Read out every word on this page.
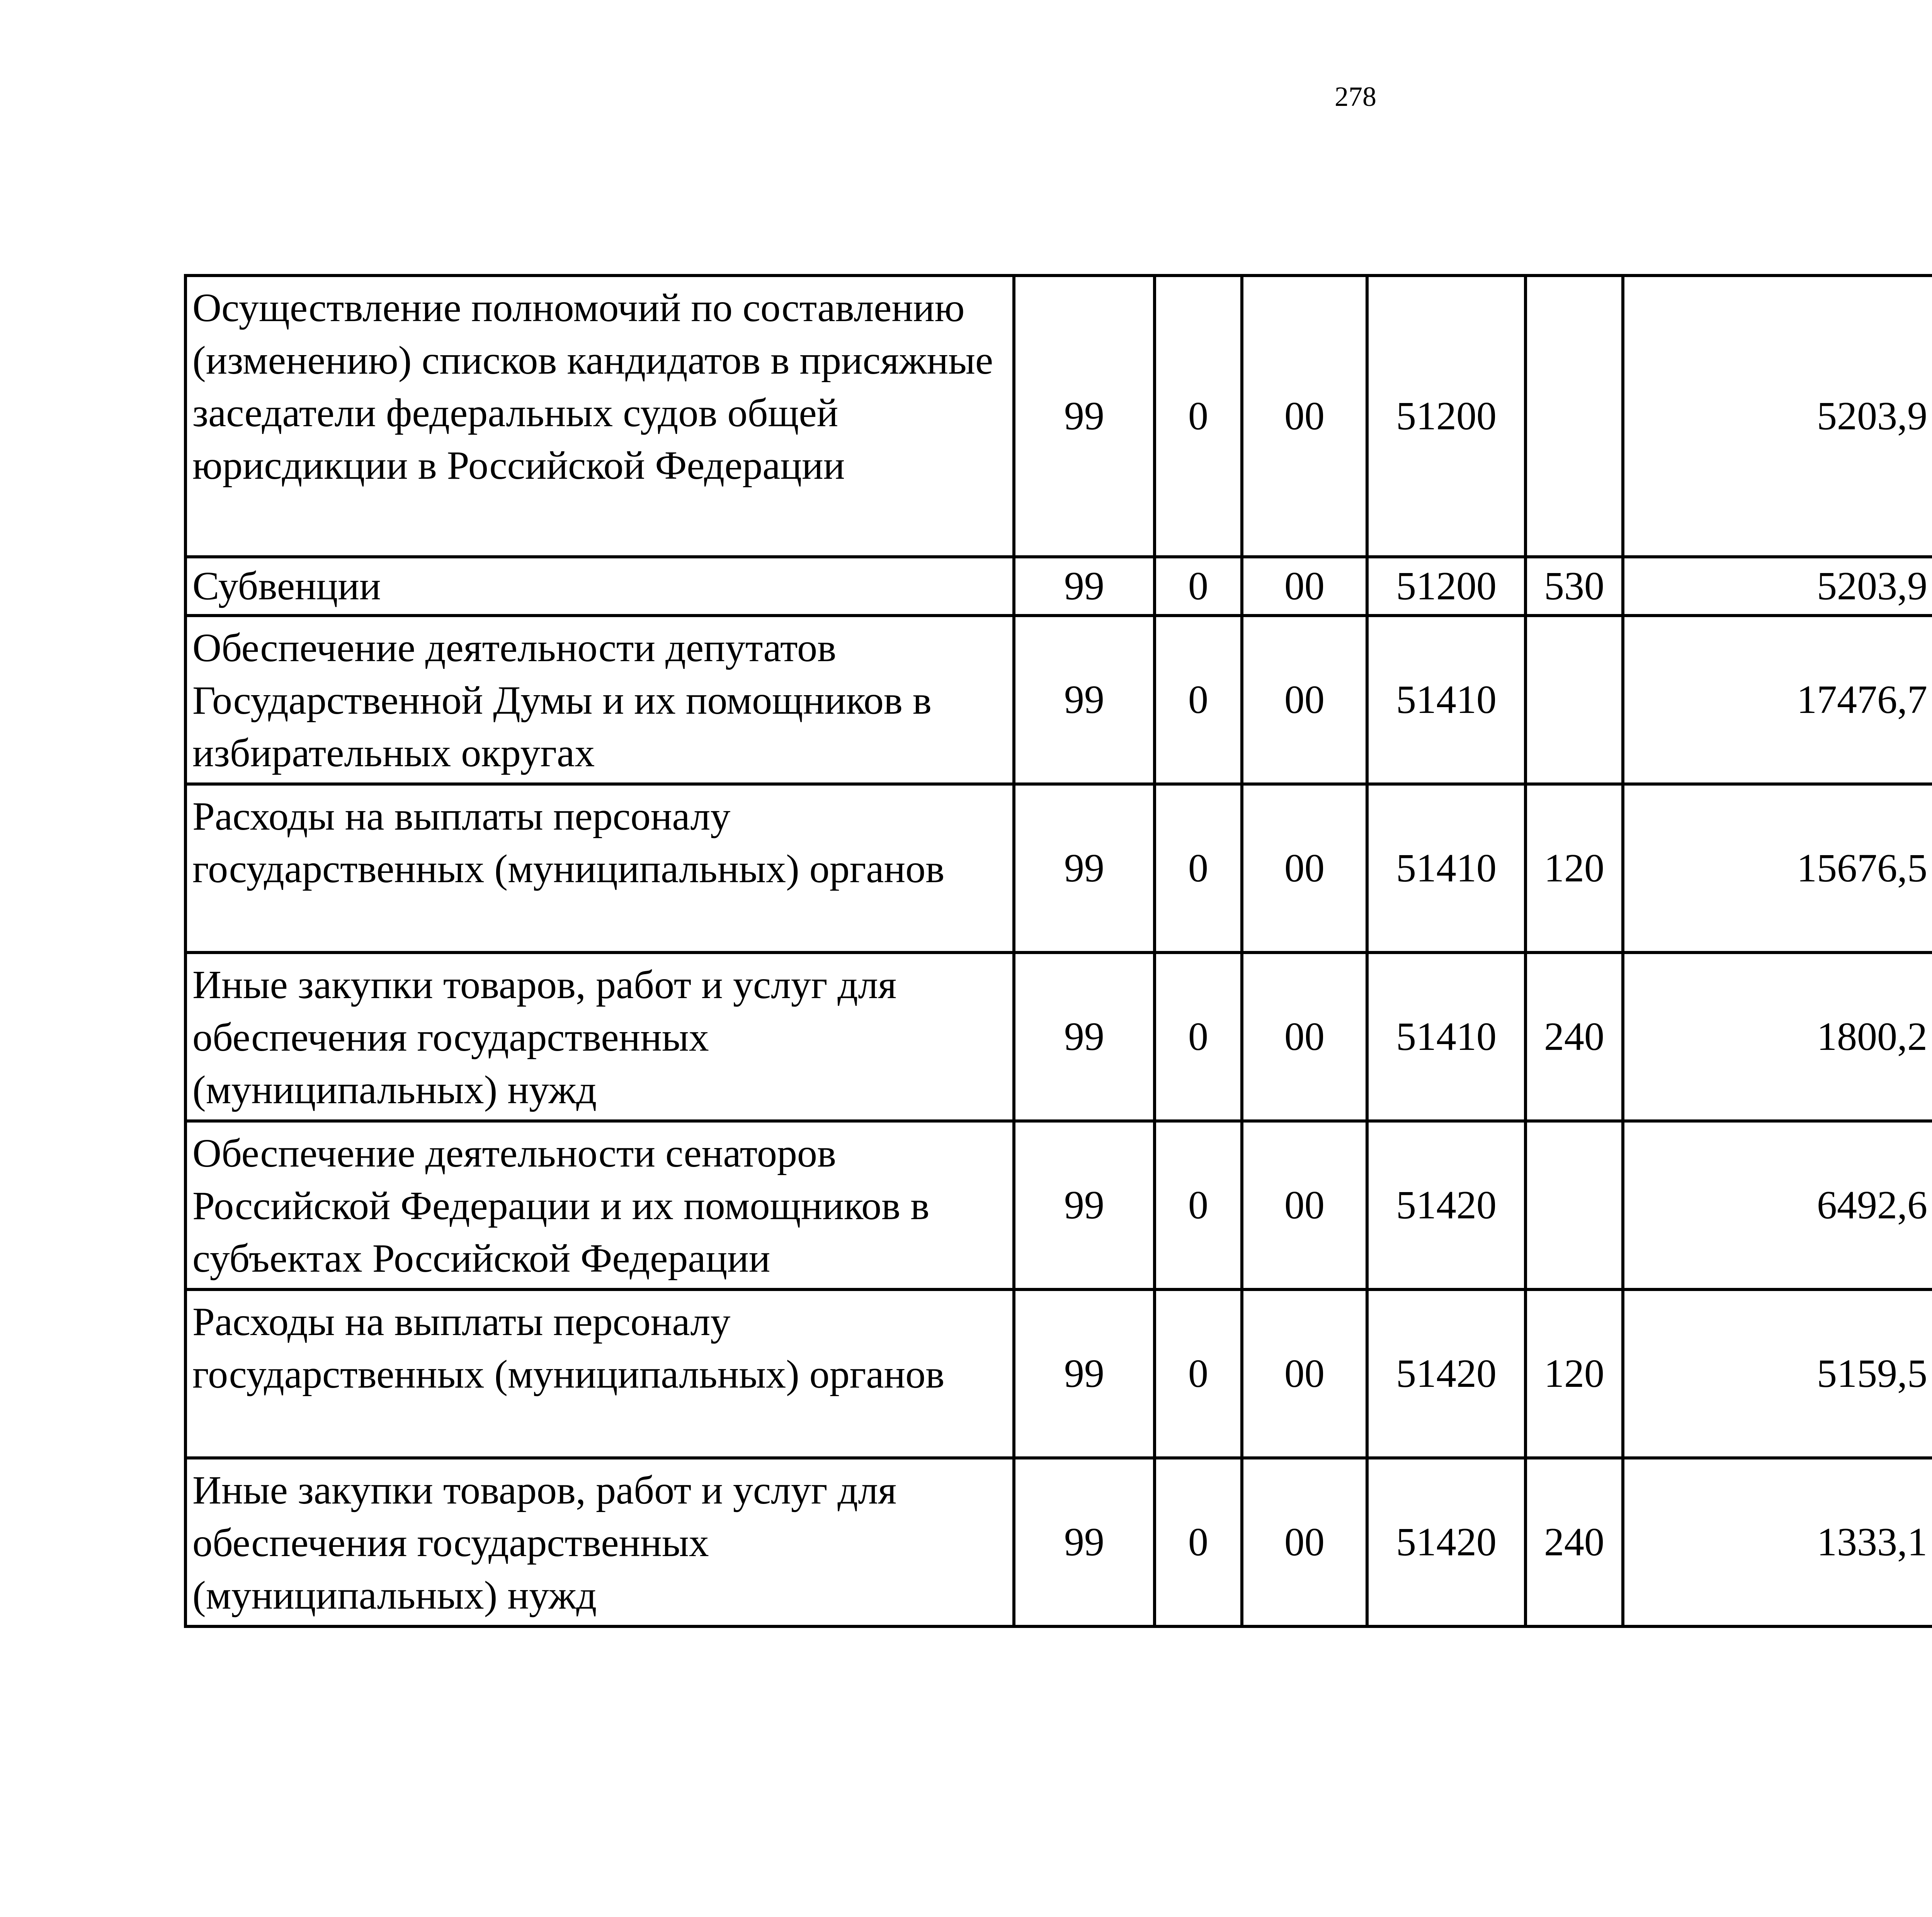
278
Осуществление полномочий по составлению (изменению) списков кандидатов в присяжные заседатели федеральных судов общей юрисдикции в Российской Федерации	99	0	00	51200		5203,9		
Субвенции	99	0	00	51200	530	5203,9		
Обеспечение деятельности депутатов Государственной Думы и их помощников в избирательных округах	99	0	00	51410		17476,7		
Расходы на выплаты персоналу государственных (муниципальных) органов	99	0	00	51410	120	15676,5		
Иные закупки товаров, работ и услуг для обеспечения государственных (муниципальных) нужд	99	0	00	51410	240	1800,2		
Обеспечение деятельности сенаторов Российской Федерации и их помощников в субъектах Российской Федерации	99	0	00	51420		6492,6		
Расходы на выплаты персоналу государственных (муниципальных) органов	99	0	00	51420	120	5159,5		
Иные закупки товаров, работ и услуг для обеспечения государственных (муниципальных) нужд	99	0	00	51420	240	1333,1		
